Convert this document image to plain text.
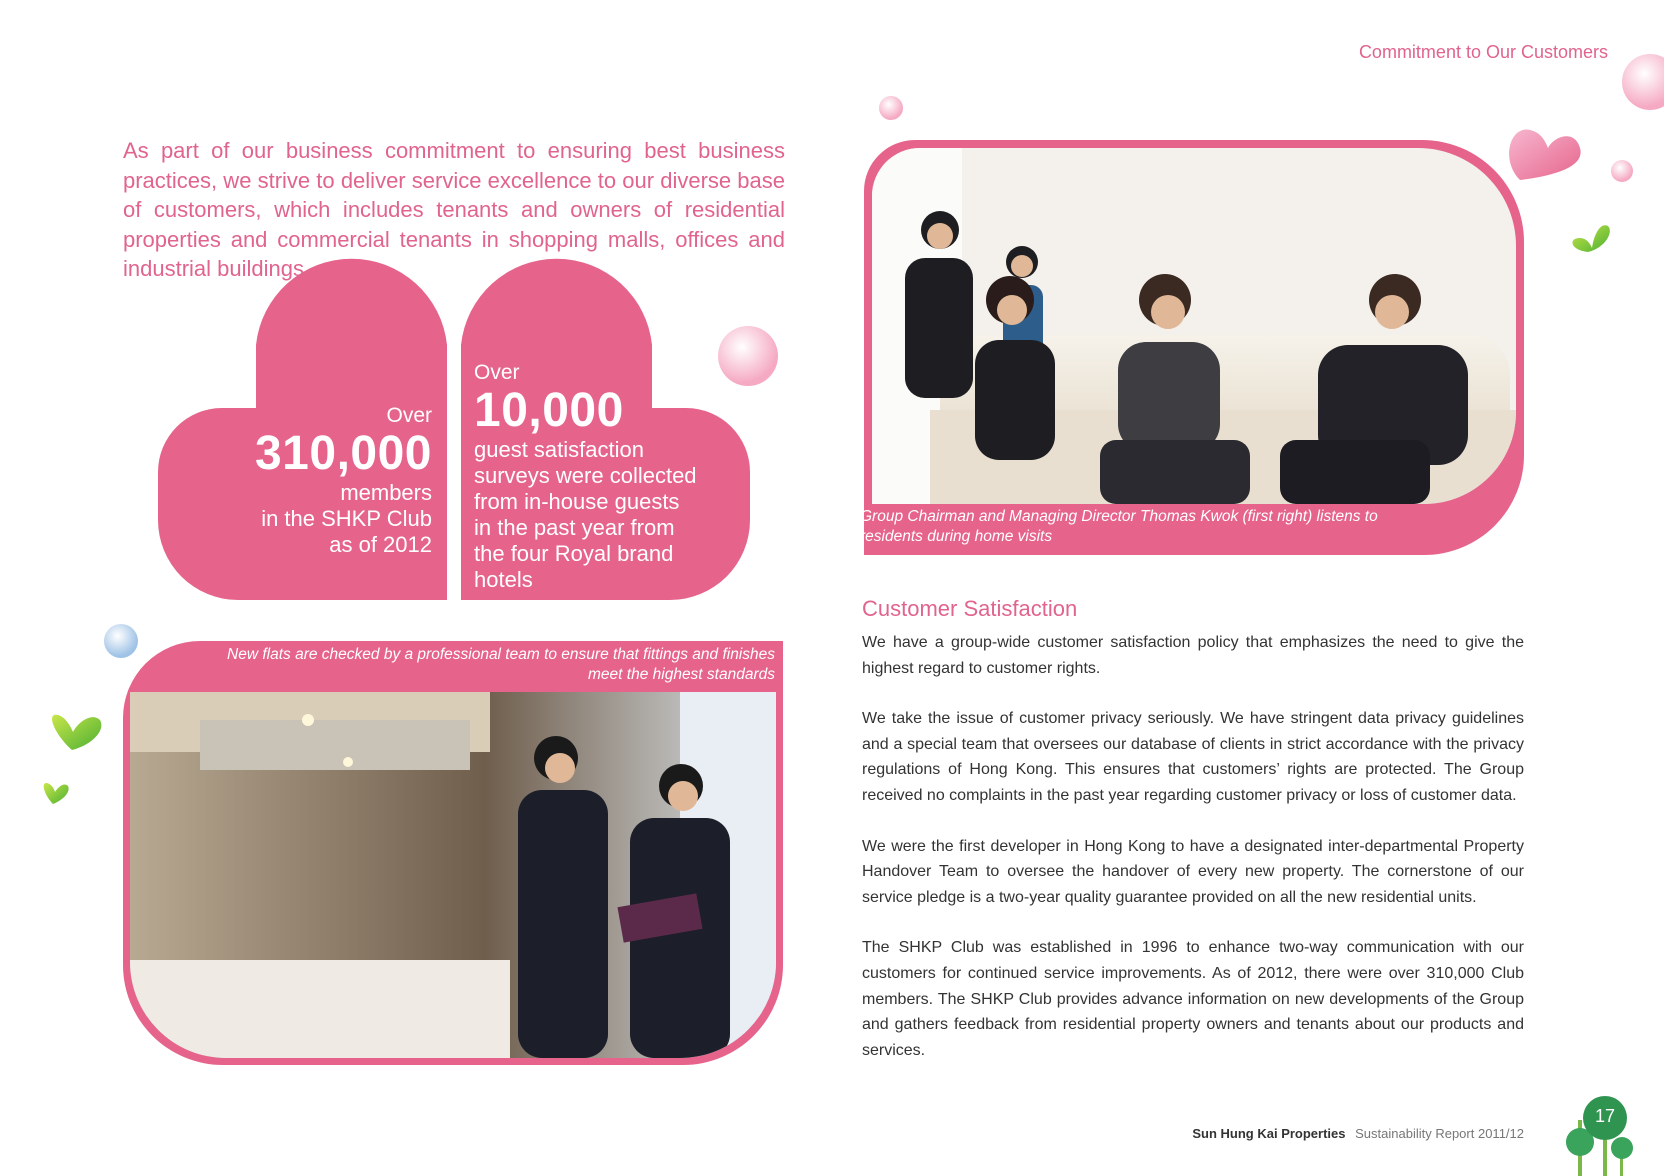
Commitment to Our Customers
As part of our business commitment to ensuring best business practices, we strive to deliver service excellence to our diverse base of customers, which includes tenants and owners of residential properties and commercial tenants in shopping malls, offices and industrial buildings.
Over
310,000
members
in the SHKP Club
as of 2012
Over
10,000
guest satisfaction
surveys were collected
from in-house guests
in the past year from
the four Royal brand
hotels
Group Chairman and Managing Director Thomas Kwok (first right) listens to residents during home visits
New flats are checked by a professional team to ensure that fittings and finishes meet the highest standards
Customer Satisfaction

We have a group-wide customer satisfaction policy that emphasizes the need to give the highest regard to customer rights.

We take the issue of customer privacy seriously. We have stringent data privacy guidelines and a special team that oversees our database of clients in strict accordance with the privacy regulations of Hong Kong. This ensures that customers’ rights are protected. The Group received no complaints in the past year regarding customer privacy or loss of customer data.

We were the first developer in Hong Kong to have a designated inter-departmental Property Handover Team to oversee the handover of every new property. The cornerstone of our service pledge is a two-year quality guarantee provided on all the new residential units.

The SHKP Club was established in 1996 to enhance two-way communication with our customers for continued service improvements. As of 2012, there were over 310,000 Club members. The SHKP Club provides advance information on new developments of the Group and gathers feedback from residential property owners and tenants about our products and services.

Sun Hung Kai Properties Sustainability Report 2011/12
17
